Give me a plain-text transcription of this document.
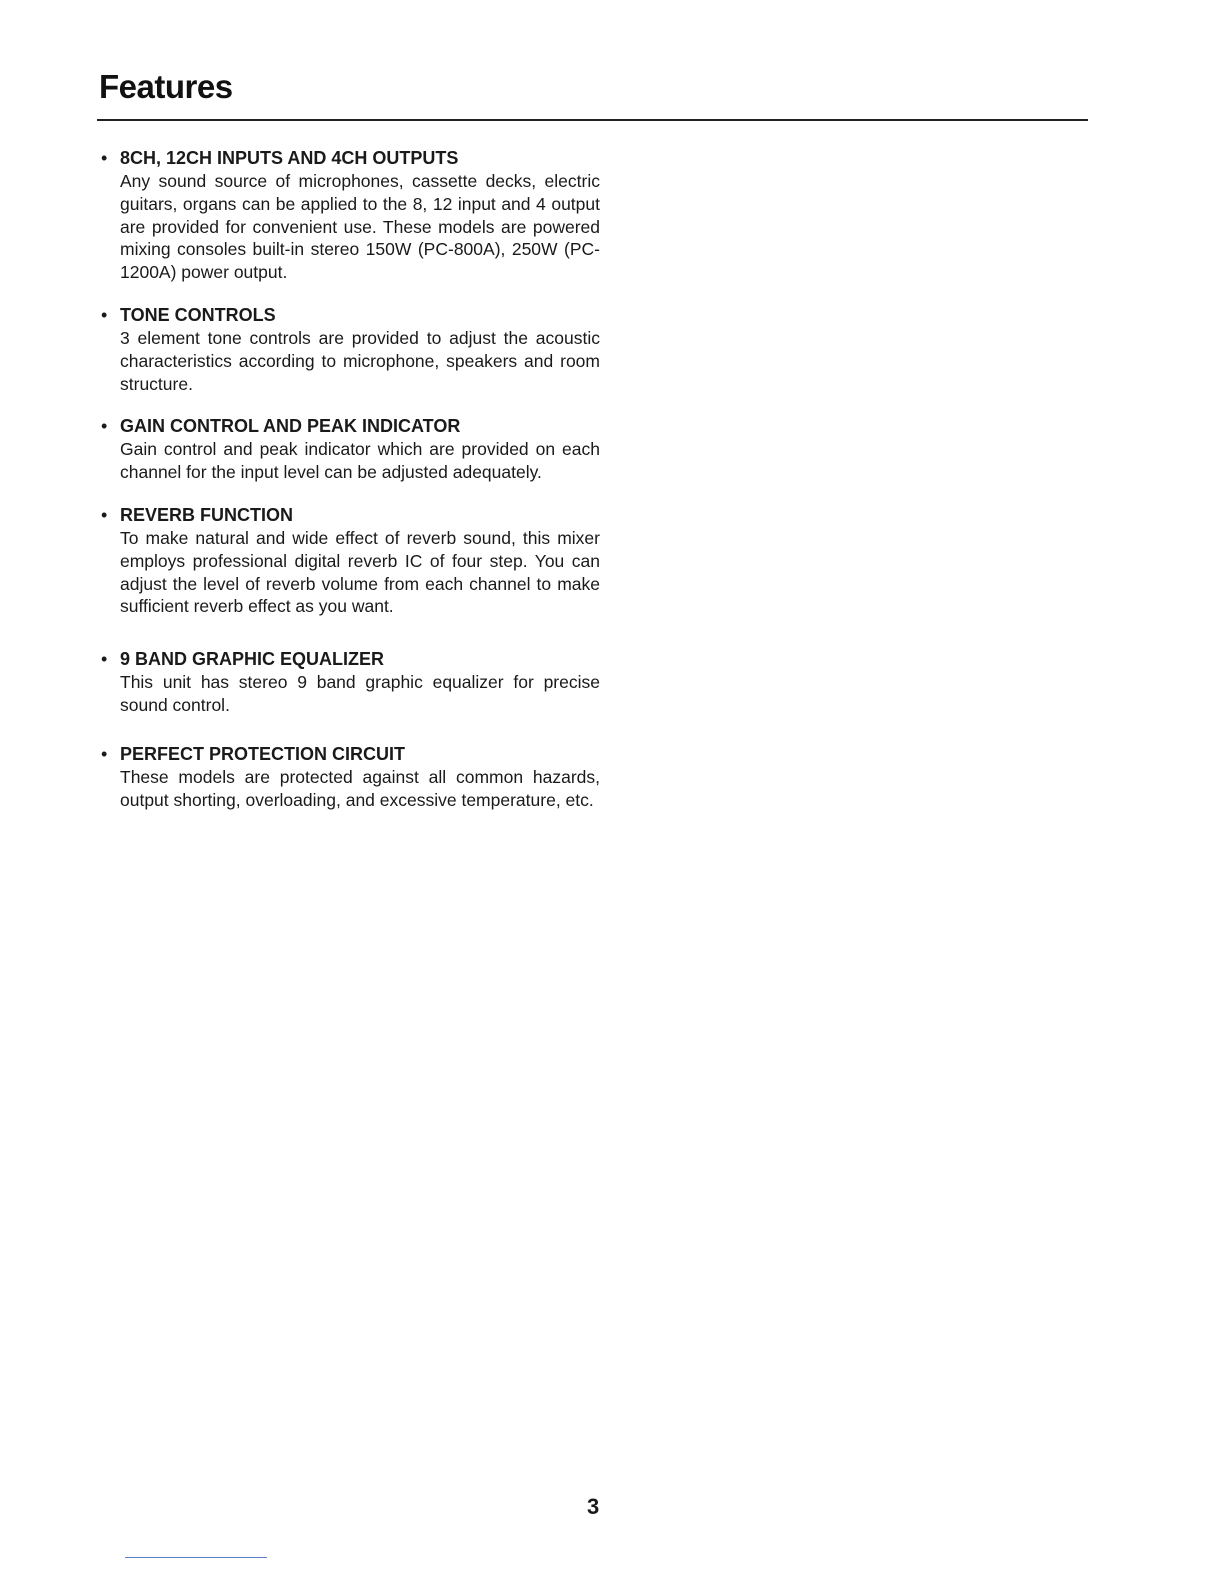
Features
• 8CH, 12CH INPUTS AND 4CH OUTPUTS

Any sound source of microphones, cassette decks, electric guitars, organs can be applied to the 8, 12 input and 4 output are provided for convenient use. These models are powered mixing consoles built-in stereo 150W (PC-800A), 250W (PC-1200A) power output.

• TONE CONTROLS

3 element tone controls are provided to adjust the acoustic characteristics according to microphone, speakers and room structure.

• GAIN CONTROL AND PEAK INDICATOR

Gain control and peak indicator which are provided on each channel for the input level can be adjusted adequately.

• REVERB FUNCTION

To make natural and wide effect of reverb sound, this mixer employs professional digital reverb IC of four step. You can adjust the level of reverb volume from each channel to make sufficient reverb effect as you want.

• 9 BAND GRAPHIC EQUALIZER

This unit has stereo 9 band graphic equalizer for precise sound control.

• PERFECT PROTECTION CIRCUIT

These models are protected against all common hazards, output shorting, overloading, and excessive temperature, etc.

3
